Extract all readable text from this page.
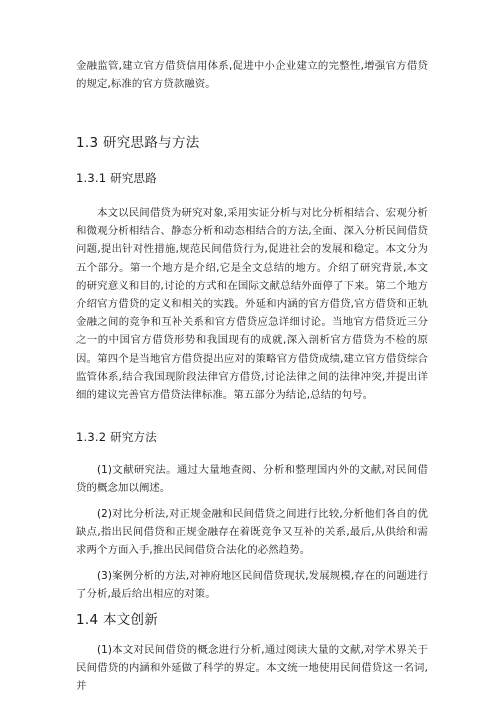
金融监管,建立官方借贷信用体系,促进中小企业建立的完整性,增强官方借贷的规定,标准的官方贷款融资。

1.3 研究思路与方法
1.3.1 研究思路

本文以民间借贷为研究对象,采用实证分析与对比分析相结合、宏观分析和微观分析相结合、静态分析和动态相结合的方法,全面、深入分析民间借贷问题,提出针对性措施,规范民间借贷行为,促进社会的发展和稳定。本文分为五个部分。第一个地方是介绍,它是全文总结的地方。介绍了研究背景,本文的研究意义和目的,讨论的方式和在国际文献总结外面停了下来。第二个地方介绍官方借贷的定义和相关的实践。外延和内涵的官方借贷,官方借贷和正轨金融之间的竞争和互补关系和官方借贷应急详细讨论。当地官方借贷近三分之一的中国官方借贷形势和我国现有的成就,深入剖析官方借贷为不检的原因。第四个是当地官方借贷提出应对的策略官方借贷成绩,建立官方借贷综合监管体系,结合我国现阶段法律官方借贷,讨论法律之间的法律冲突,并提出详细的建议完善官方借贷法律标准。第五部分为结论,总结的句号。

1.3.2 研究方法

(1)文献研究法。通过大量地查阅、分析和整理国内外的文献,对民间借贷的概念加以阐述。

(2)对比分析法,对正规金融和民间借贷之间进行比较,分析他们各自的优缺点,指出民间借贷和正规金融存在着既竞争又互补的关系,最后,从供给和需求两个方面入手,推出民间借贷合法化的必然趋势。

(3)案例分析的方法,对神府地区民间借贷现状,发展规模,存在的问题进行了分析,最后给出相应的对策。

1.4 本文创新

(1)本文对民间借贷的概念进行分析,通过阅读大量的文献,对学术界关于民间借贷的内涵和外延做了科学的界定。本文统一地使用民间借贷这一名词,并
